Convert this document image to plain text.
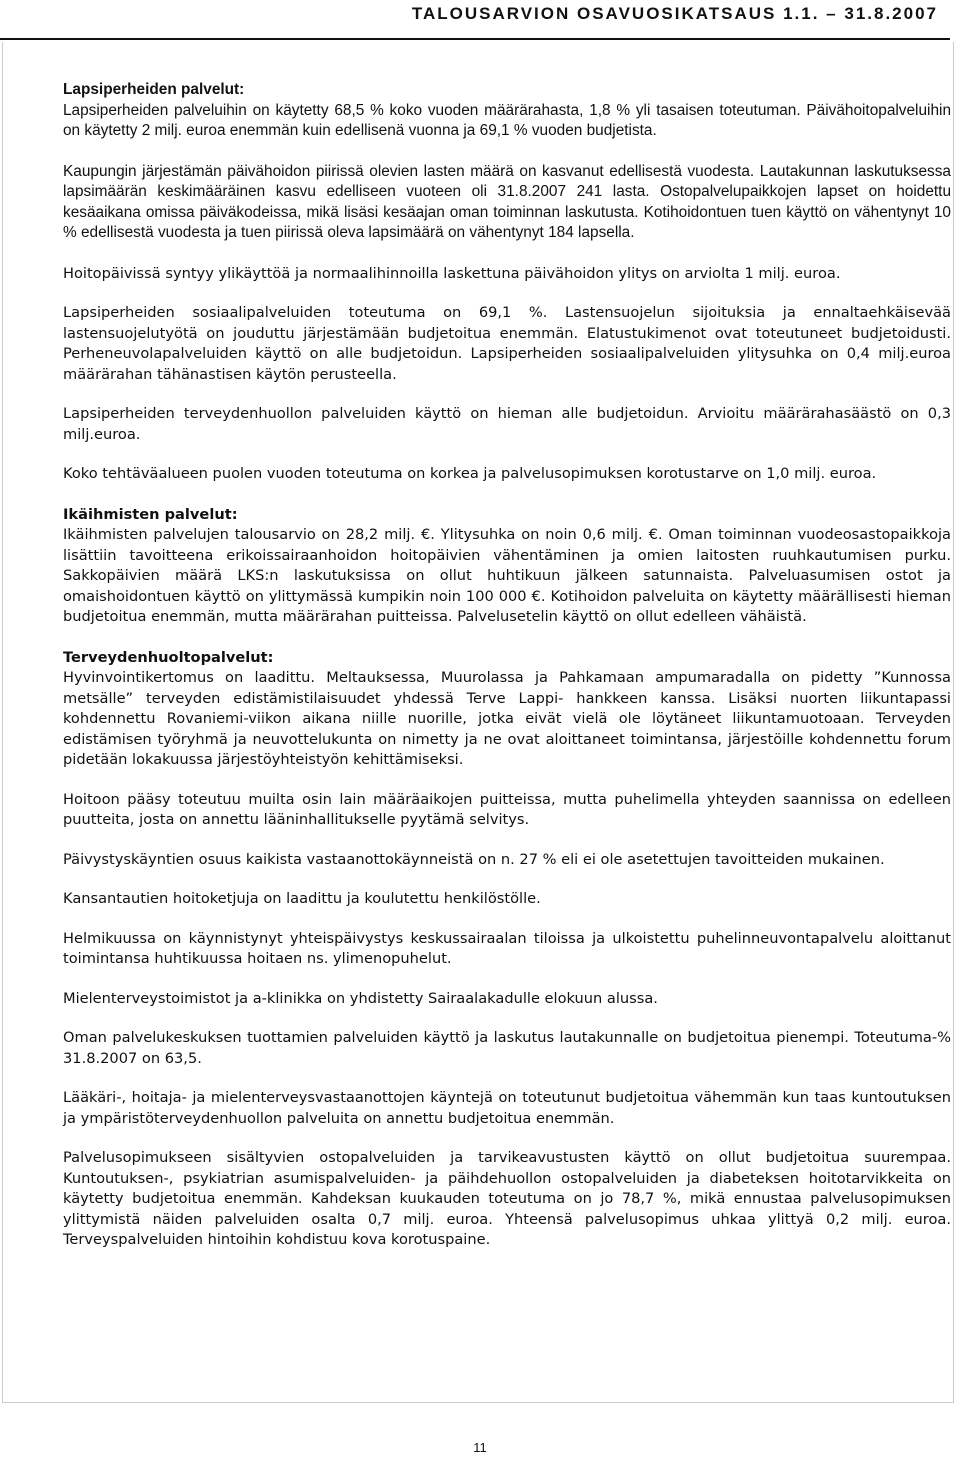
TALOUSARVION OSAVUOSIKATSAUS 1.1. – 31.8.2007

Lapsiperheiden palvelut:
Lapsiperheiden palveluihin on käytetty 68,5 % koko vuoden määrärahasta, 1,8 % yli tasaisen toteutuman. Päivähoitopalveluihin on käytetty 2 milj. euroa enemmän kuin edellisenä vuonna ja 69,1 % vuoden budjetista.

Kaupungin järjestämän päivähoidon piirissä olevien lasten määrä on kasvanut edellisestä vuodesta. Lautakunnan laskutuksessa lapsimäärän keskimääräinen kasvu edelliseen vuoteen oli 31.8.2007 241 lasta. Ostopalvelupaikkojen lapset on hoidettu kesäaikana omissa päiväkodeissa, mikä lisäsi kesäajan oman toiminnan laskutusta. Kotihoidontuen tuen käyttö on vähentynyt 10 % edellisestä vuodesta ja tuen piirissä oleva lapsimäärä on vähentynyt 184 lapsella.

Hoitopäivissä syntyy ylikäyttöä ja normaalihinnoilla laskettuna päivähoidon ylitys on arviolta 1 milj. euroa.

Lapsiperheiden sosiaalipalveluiden toteutuma on 69,1 %. Lastensuojelun sijoituksia ja ennaltaehkäisevää lastensuojelutyötä on jouduttu järjestämään budjetoitua enemmän. Elatustukimenot ovat toteutuneet budjetoidusti. Perheneuvolapalveluiden käyttö on alle budjetoidun. Lapsiperheiden sosiaalipalveluiden ylitysuhka on 0,4 milj.euroa määrärahan tähänastisen käytön perusteella.

Lapsiperheiden terveydenhuollon palveluiden käyttö on hieman alle budjetoidun. Arvioitu määrärahasäästö on 0,3 milj.euroa.

Koko tehtäväalueen puolen vuoden toteutuma on korkea ja palvelusopimuksen korotustarve on 1,0 milj. euroa.

Ikäihmisten palvelut:
Ikäihmisten palvelujen talousarvio on 28,2 milj. €. Ylitysuhka on noin 0,6 milj. €. Oman toiminnan vuodeosastopaikkoja lisättiin tavoitteena erikoissairaanhoidon hoitopäivien vähentäminen ja omien laitosten ruuhkautumisen purku. Sakkopäivien määrä LKS:n laskutuksissa on ollut huhtikuun jälkeen satunnaista. Palveluasumisen ostot ja omaishoidontuen käyttö on ylittymässä kumpikin noin 100 000 €. Kotihoidon palveluita on käytetty määrällisesti hieman budjetoitua enemmän, mutta määrärahan puitteissa. Palvelusetelin käyttö on ollut edelleen vähäistä.

Terveydenhuoltopalvelut:
Hyvinvointikertomus on laadittu. Meltauksessa, Muurolassa ja Pahkamaan ampumaradalla on pidetty ”Kunnossa metsälle” terveyden edistämistilaisuudet yhdessä Terve Lappi- hankkeen kanssa. Lisäksi nuorten liikuntapassi kohdennettu Rovaniemi-viikon aikana niille nuorille, jotka eivät vielä ole löytäneet liikuntamuotoaan. Terveyden edistämisen työryhmä ja neuvottelukunta on nimetty ja ne ovat aloittaneet toimintansa, järjestöille kohdennettu forum pidetään lokakuussa järjestöyhteistyön kehittämiseksi.

Hoitoon pääsy toteutuu muilta osin lain määräaikojen puitteissa, mutta puhelimella yhteyden saannissa on edelleen puutteita, josta on annettu lääninhallitukselle pyytämä selvitys.

Päivystyskäyntien osuus kaikista vastaanottokäynneistä on n. 27 % eli ei ole asetettujen tavoitteiden mukainen.

Kansantautien hoitoketjuja on laadittu ja koulutettu henkilöstölle.

Helmikuussa on käynnistynyt yhteispäivystys keskussairaalan tiloissa ja ulkoistettu puhelinneuvontapalvelu aloittanut toimintansa huhtikuussa hoitaen ns. ylimenopuhelut.

Mielenterveystoimistot ja a-klinikka on yhdistetty Sairaalakadulle elokuun alussa.

Oman palvelukeskuksen tuottamien palveluiden käyttö ja laskutus lautakunnalle on budjetoitua pienempi. Toteutuma-% 31.8.2007 on 63,5.

Lääkäri-, hoitaja- ja mielenterveysvastaanottojen käyntejä on toteutunut budjetoitua vähemmän kun taas kuntoutuksen ja ympäristöterveydenhuollon palveluita on annettu budjetoitua enemmän.

Palvelusopimukseen sisältyvien ostopalveluiden ja tarvikeavustusten käyttö on ollut budjetoitua suurempaa. Kuntoutuksen-, psykiatrian asumispalveluiden- ja päihdehuollon ostopalveluiden ja diabeteksen hoitotarvikkeita on käytetty budjetoitua enemmän. Kahdeksan kuukauden toteutuma on jo 78,7 %, mikä ennustaa palvelusopimuksen ylittymistä näiden palveluiden osalta 0,7 milj. euroa. Yhteensä palvelusopimus uhkaa ylittyä 0,2 milj. euroa. Terveyspalveluiden hintoihin kohdistuu kova korotuspaine.

11
